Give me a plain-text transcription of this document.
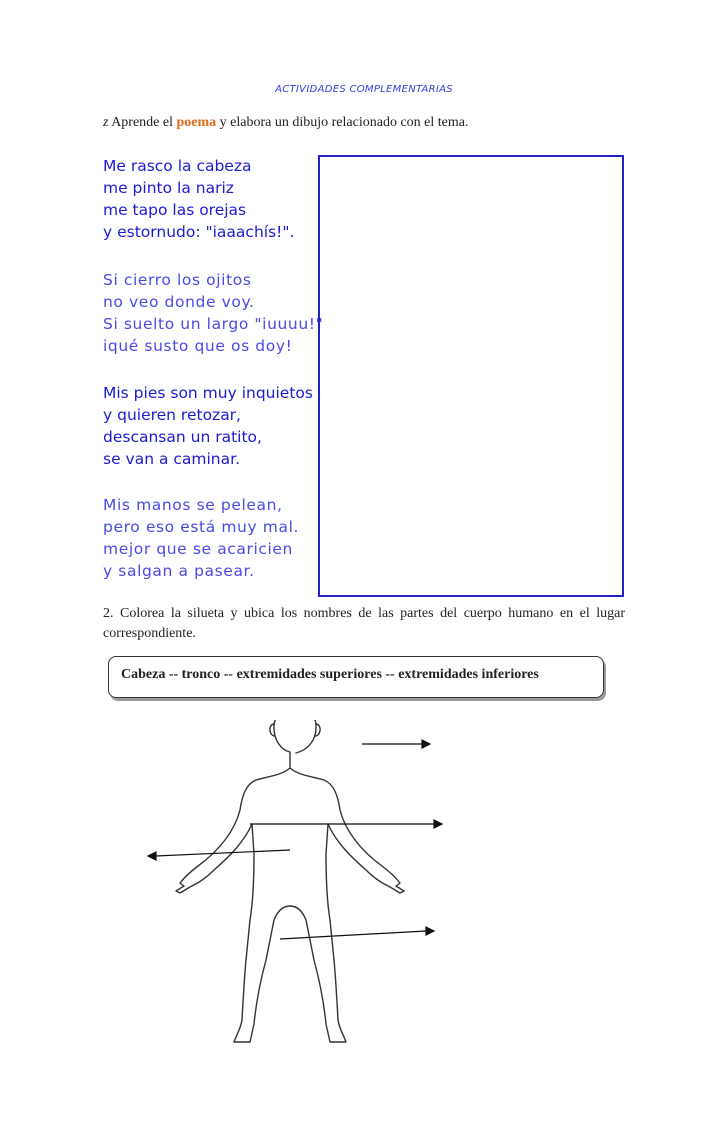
ACTIVIDADES COMPLEMENTARIAS
z Aprende el poema y elabora un dibujo relacionado con el tema.
Me rasco la cabeza
me pinto la nariz
me tapo las orejas
y estornudo: "iaaachís!".
Si cierro los ojitos
no veo donde voy.
Si suelto un largo "iuuuu!"
iqué susto que os doy!
Mis pies son muy inquietos
y quieren retozar,
descansan un ratito,
se van a caminar.
Mis manos se pelean,
pero eso está muy mal.
mejor que se acaricien
y salgan a pasear.
2. Colorea la silueta y ubica los nombres de las partes del cuerpo humano en el lugar correspondiente.
Cabeza -- tronco -- extremidades superiores -- extremidades inferiores
